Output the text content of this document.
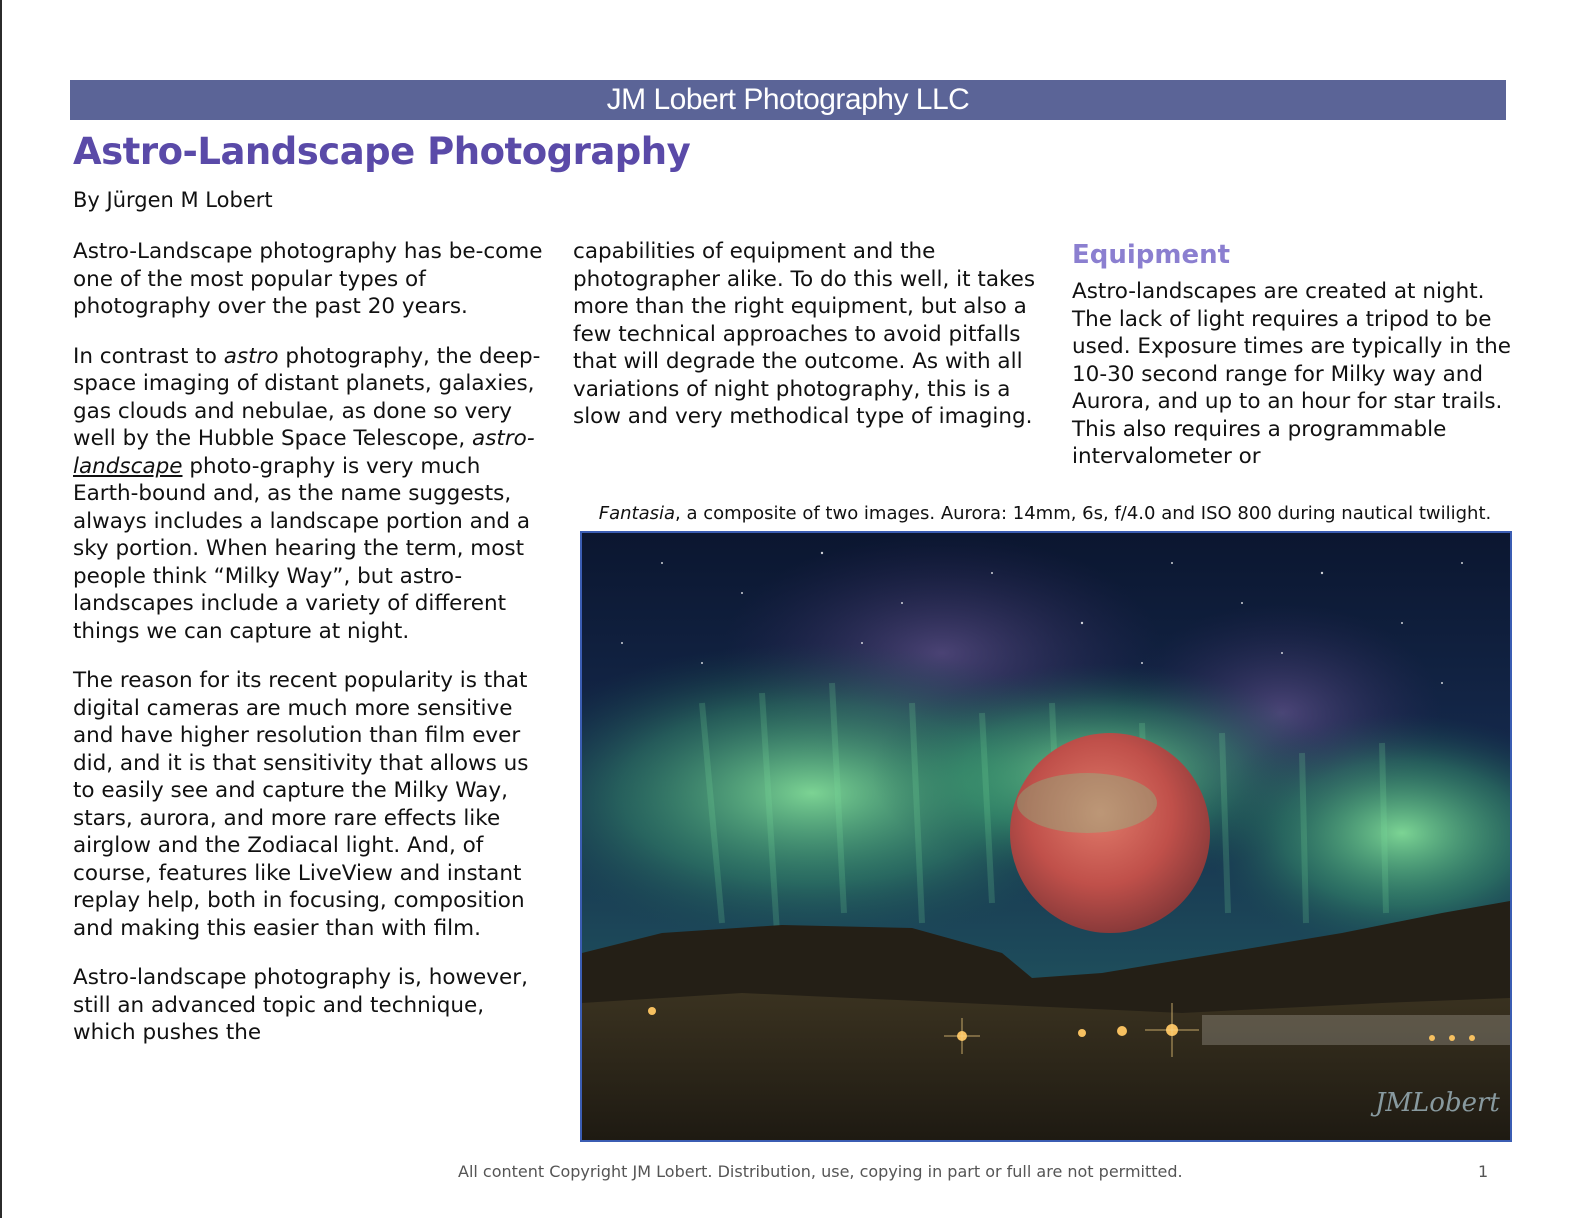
JM Lobert Photography LLC
Astro-Landscape Photography
By Jürgen M Lobert

Astro-Landscape photography has be-come one of the most popular types of photography over the past 20 years.

In contrast to astro photography, the deep-space imaging of distant planets, galaxies, gas clouds and nebulae, as done so very well by the Hubble Space Telescope, astro-landscape photo-graphy is very much Earth-bound and, as the name suggests, always includes a landscape portion and a sky portion. When hearing the term, most people think “Milky Way”, but astro-landscapes include a variety of different things we can capture at night.

The reason for its recent popularity is that digital cameras are much more sensitive and have higher resolution than film ever did, and it is that sensitivity that allows us to easily see and capture the Milky Way, stars, aurora, and more rare effects like airglow and the Zodiacal light. And, of course, features like LiveView and instant replay help, both in focusing, composition and making this easier than with film.

Astro-landscape photography is, however, still an advanced topic and technique, which pushes the

capabilities of equipment and the photographer alike. To do this well, it takes more than the right equipment, but also a few technical approaches to avoid pitfalls that will degrade the outcome. As with all variations of night photography, this is a slow and very methodical type of imaging.

Equipment

Astro-landscapes are created at night. The lack of light requires a tripod to be used. Exposure times are typically in the 10-30 second range for Milky way and Aurora, and up to an hour for star trails. This also requires a programmable intervalometer or

Fantasia, a composite of two images. Aurora: 14mm, 6s, f/4.0 and ISO 800 during nautical twilight.
JMLobert
All content Copyright JM Lobert. Distribution, use, copying in part or full are not permitted.	1
